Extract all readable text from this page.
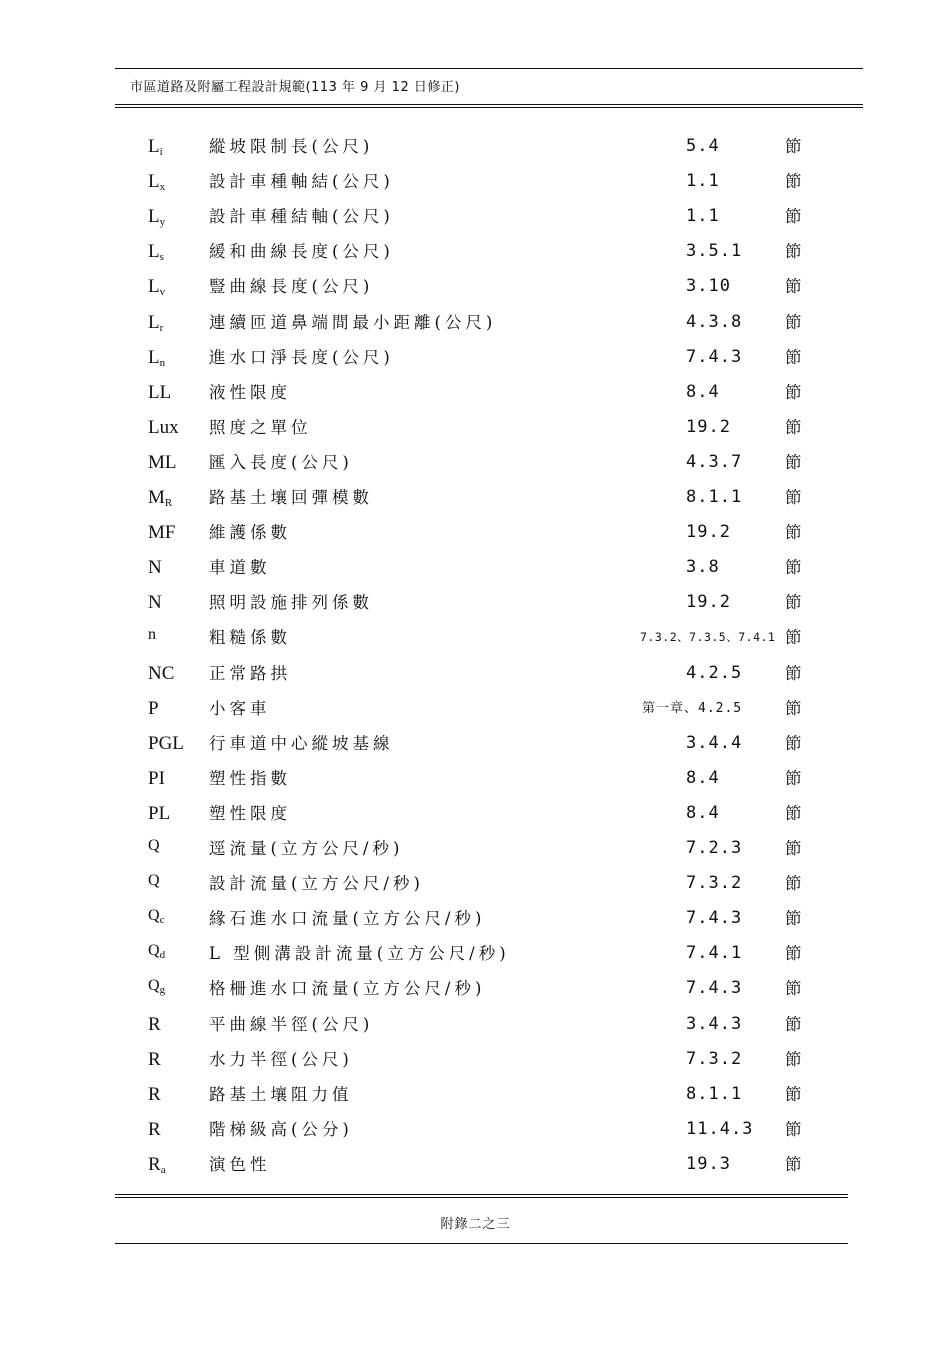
市區道路及附屬工程設計規範(113 年 9 月 12 日修正)
$L_i$	縱坡限制長(公尺)	5.4	節
$L_x$	設計車種軸結(公尺)	1.1	節
$L_y$	設計車種結軸(公尺)	1.1	節
$L_s$	緩和曲線長度(公尺)	3.5.1	節
$L_v$	豎曲線長度(公尺)	3.10	節
$L_r$	連續匝道鼻端間最小距離(公尺)	4.3.8	節
$L_n$	進水口淨長度(公尺)	7.4.3	節
LL 液性限度	8.4	節
Lux 照度之單位	19.2	節
ML 匯入長度(公尺)	4.3.7	節
$M_R$ 路基土壤回彈模數	8.1.1	節
MF 維護係數	19.2	節
N	車道數	3.8	節
N	照明設施排列係數	19.2	節
n	粗糙係數	7.3.2、7.3.5、7.4.1 節
NC 正常路拱	4.2.5	節
P	小客車	第一章、4.2.5	節
PGL 行車道中心縱坡基線	3.4.4	節
PI	塑性指數	8.4	節
PL 塑性限度	8.4	節
Q	逕流量(立方公尺/秒)	7.2.3	節
Q	設計流量(立方公尺/秒)	7.3.2	節
$Q_c$	緣石進水口流量(立方公尺/秒)	7.4.3	節
$Q_d$	L 型側溝設計流量(立方公尺/秒)	7.4.1	節
$Q_g$	格柵進水口流量(立方公尺/秒)	7.4.3	節
R	平曲線半徑(公尺)	3.4.3	節
R	水力半徑(公尺)	7.3.2	節
R	路基土壤阻力值	8.1.1	節
R	階梯級高(公分)	11.4.3 節
$R_a$	演色性	19.3	節
附錄二之三
